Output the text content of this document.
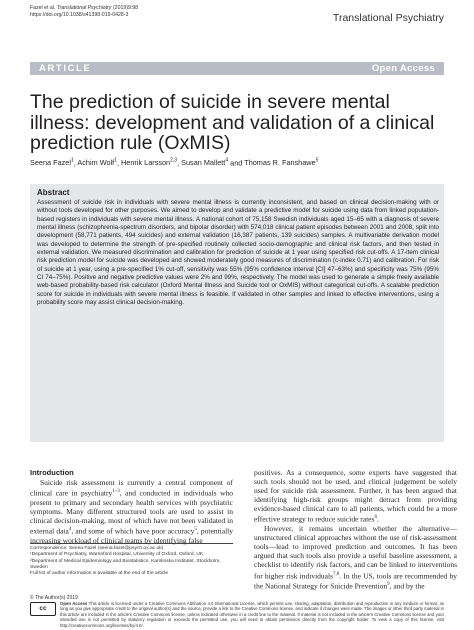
Fazel et al. Translational Psychiatry (2019)9:98
https://doi.org/10.1038/s41398-019-0428-3	Translational Psychiatry
ARTICLE	Open Access
The prediction of suicide in severe mental illness: development and validation of a clinical prediction rule (OxMIS)
Seena Fazel$^1$, Achim Wolf$^1$, Henrik Larsson$^{2,3}$, Susan Mallett$^4$ and Thomas R. Fanshawe$^5$
Abstract

Assessment of suicide risk in individuals with severe mental illness is currently inconsistent, and based on clinical decision-making with or without tools developed for other purposes. We aimed to develop and validate a predictive model for suicide using data from linked population-based registers in individuals with severe mental illness. A national cohort of 75,158 Swedish individuals aged 15–65 with a diagnosis of severe mental illness (schizophrenia-spectrum disorders, and bipolar disorder) with 574,018 clinical patient episodes between 2001 and 2008, split into development (58,771 patients, 494 suicides) and external validation (16,387 patients, 139 suicides) samples. A multivariable derivation model was developed to determine the strength of pre-specified routinely collected socio-demographic and clinical risk factors, and then tested in external validation. We measured discrimination and calibration for prediction of suicide at 1 year using specified risk cut-offs. A 17-item clinical risk prediction model for suicide was developed and showed moderately good measures of discrimination (c-index 0.71) and calibration. For risk of suicide at 1 year, using a pre-specified 1% cut-off, sensitivity was 55% (95% confidence interval [CI] 47–63%) and specificity was 75% (95% CI 74–75%). Positive and negative predictive values were 2% and 99%, respectively. The model was used to generate a simple freely available web-based probability-based risk calculator (Oxford Mental Illness and Suicide tool or OxMIS) without categorical cut-offs. A scalable prediction score for suicide in individuals with severe mental illness is feasible. If validated in other samples and linked to effective interventions, using a probability score may assist clinical decision-making.

Introduction

Suicide risk assessment is currently a central component of clinical care in psychiatry$^{1-3}$, and conducted in individuals who present to primary and secondary health services with psychiatric symptoms. Many different structured tools are used to assist in clinical decision-making, most of which have not been validated in external data$^4$, and some of which have poor accuracy$^5$, potentially increasing workload of clinical teams by identifying false

Correspondence: Seena Fazel (seena.fazel@psych.ox.ac.uk)
¹Department of Psychiatry, Warneford Hospital, University of Oxford, Oxford, UK
²Department of Medical Epidemiology and Biostatistics, Karolinska Institutet, Stockholm, Sweden
Full list of author information is available at the end of the article

positives. As a consequence, some experts have suggested that such tools should not be used, and clinical judgement be solely used for suicide risk assessment. Further, it has been argued that identifying high-risk groups might detract from providing evidence-based clinical care to all patients, which could be a more effective strategy to reduce suicide rates$^6$.

However, it remains uncertain whether the alternative—unstructured clinical approaches without the use of risk-assessment tools—lead to improved prediction and outcomes. It has been argued that such tools also provide a useful baseline assessment, a checklist to identify risk factors, and can be linked to interventions for higher risk individuals$^{7,8}$. In the US, tools are recommended by the National Strategy for Suicide Prevention$^9$, and by the

© The Author(s) 2019
cc
Open Access This article is licensed under a Creative Commons Attribution 4.0 International License, which permits use, sharing, adaptation, distribution and reproduction in any medium or format, as long as you give appropriate credit to the original author(s) and the source, provide a link to the Creative Commons license, and indicate if changes were made. The images or other third party material in this article are included in the article's Creative Commons license, unless indicated otherwise in a credit line to the material. If material is not included in the article's Creative Commons license and your intended use is not permitted by statutory regulation or exceeds the permitted use, you will need to obtain permission directly from the copyright holder. To view a copy of this license, visit http://creativecommons.org/licenses/by/4.0/.
